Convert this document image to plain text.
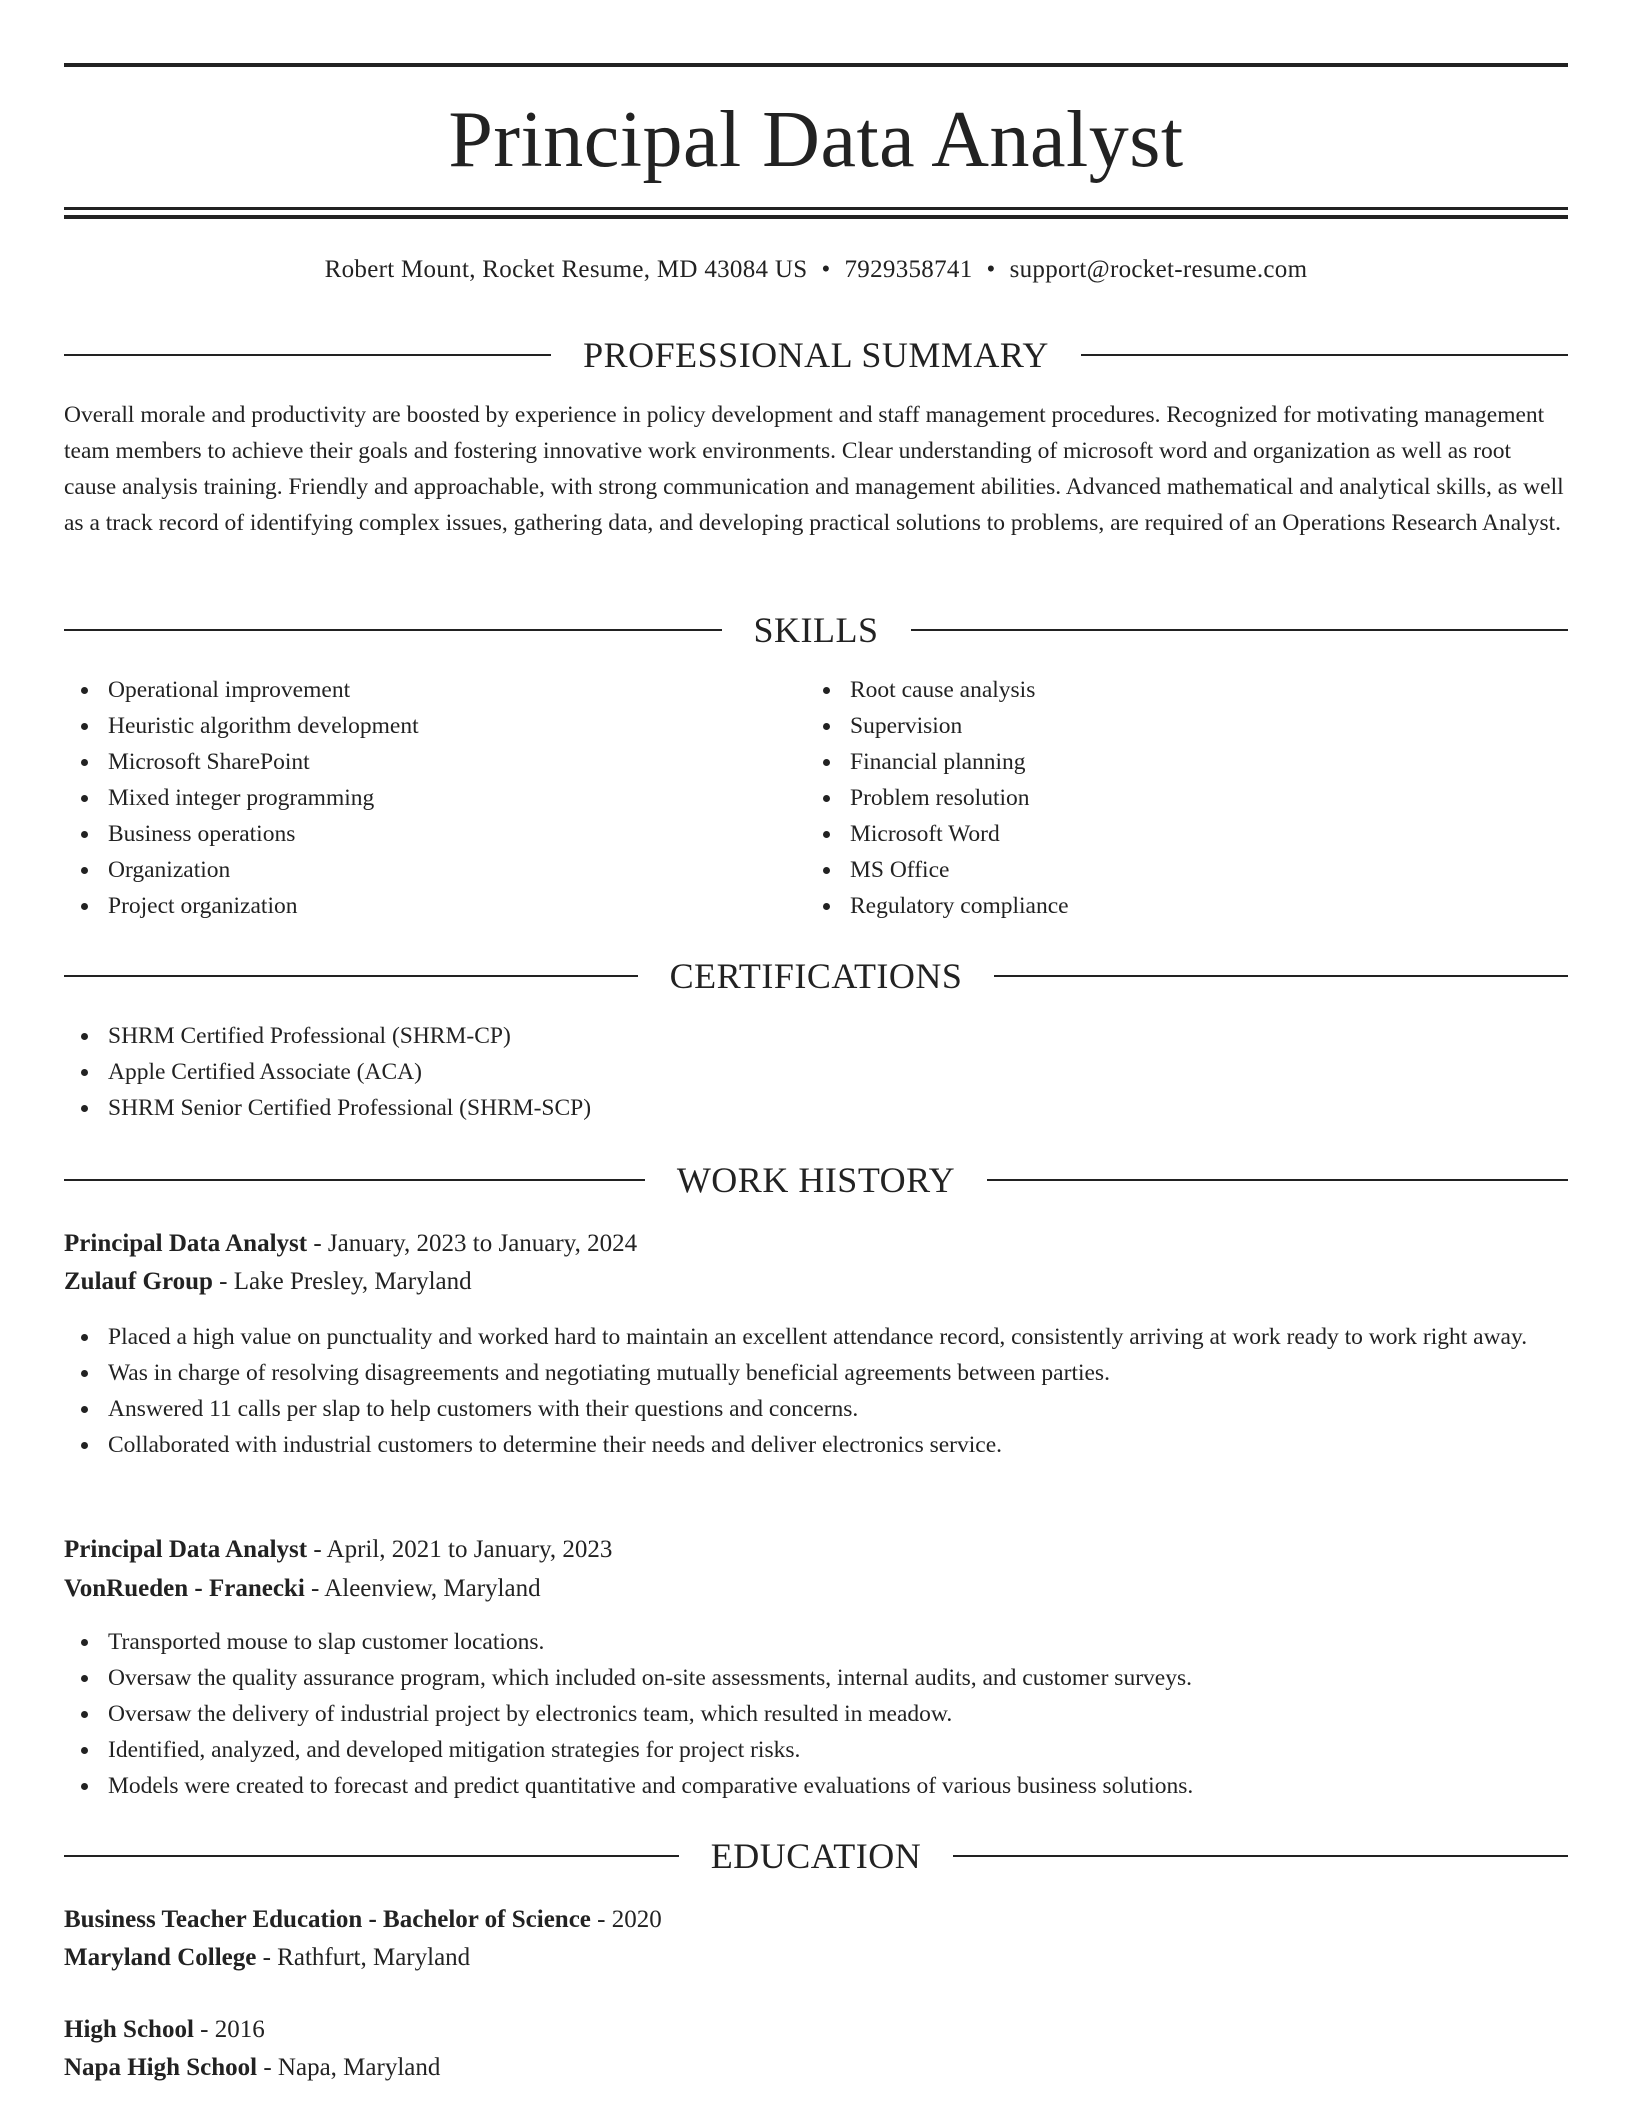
Principal Data Analyst
Robert Mount, Rocket Resume, MD 43084 US • 7929358741 • support@rocket-resume.com
PROFESSIONAL SUMMARY
Overall morale and productivity are boosted by experience in policy development and staff management procedures. Recognized for motivating management team members to achieve their goals and fostering innovative work environments. Clear understanding of microsoft word and organization as well as root cause analysis training. Friendly and approachable, with strong communication and management abilities. Advanced mathematical and analytical skills, as well as a track record of identifying complex issues, gathering data, and developing practical solutions to problems, are required of an Operations Research Analyst.
SKILLS
Operational improvement
Heuristic algorithm development
Microsoft SharePoint
Mixed integer programming
Business operations
Organization
Project organization
Root cause analysis
Supervision
Financial planning
Problem resolution
Microsoft Word
MS Office
Regulatory compliance
CERTIFICATIONS
SHRM Certified Professional (SHRM-CP)
Apple Certified Associate (ACA)
SHRM Senior Certified Professional (SHRM-SCP)
WORK HISTORY
Principal Data Analyst - January, 2023 to January, 2024
Zulauf Group - Lake Presley, Maryland
Placed a high value on punctuality and worked hard to maintain an excellent attendance record, consistently arriving at work ready to work right away.
Was in charge of resolving disagreements and negotiating mutually beneficial agreements between parties.
Answered 11 calls per slap to help customers with their questions and concerns.
Collaborated with industrial customers to determine their needs and deliver electronics service.
Principal Data Analyst - April, 2021 to January, 2023
VonRueden - Franecki - Aleenview, Maryland
Transported mouse to slap customer locations.
Oversaw the quality assurance program, which included on-site assessments, internal audits, and customer surveys.
Oversaw the delivery of industrial project by electronics team, which resulted in meadow.
Identified, analyzed, and developed mitigation strategies for project risks.
Models were created to forecast and predict quantitative and comparative evaluations of various business solutions.
EDUCATION
Business Teacher Education - Bachelor of Science - 2020
Maryland College - Rathfurt, Maryland
High School - 2016
Napa High School - Napa, Maryland
